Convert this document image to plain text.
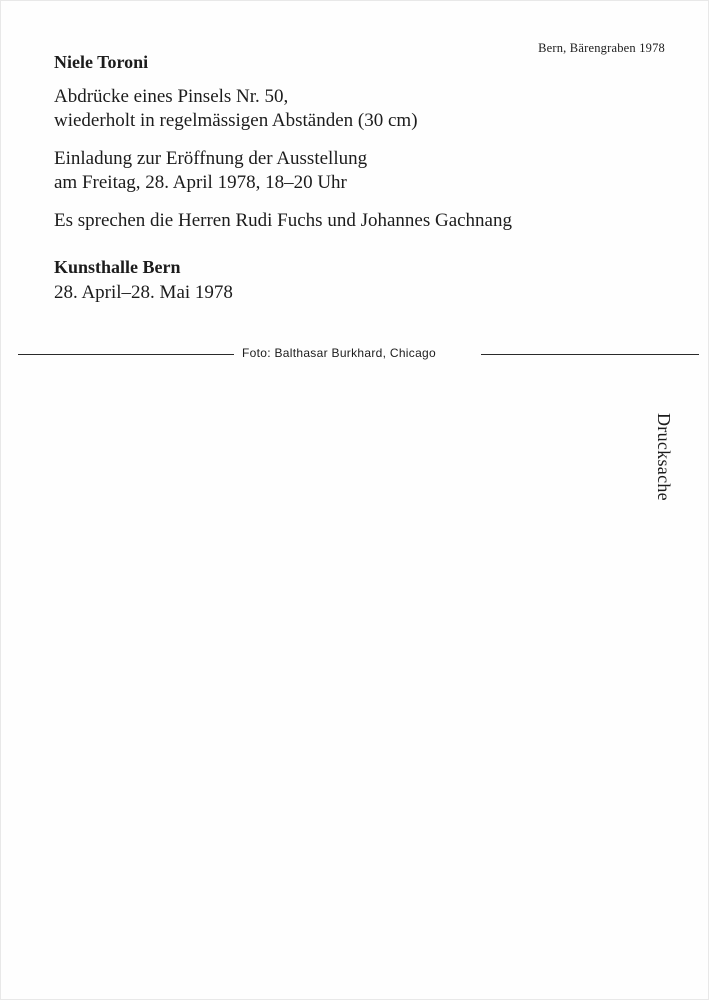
Bern, Bärengraben 1978
Niele Toroni
Abdrücke eines Pinsels Nr. 50,
wiederholt in regelmässigen Abständen (30 cm)
Einladung zur Eröffnung der Ausstellung
am Freitag, 28. April 1978, 18–20 Uhr
Es sprechen die Herren Rudi Fuchs und Johannes Gachnang
Kunsthalle Bern
28. April–28. Mai 1978
Foto: Balthasar Burkhard, Chicago
Drucksache
